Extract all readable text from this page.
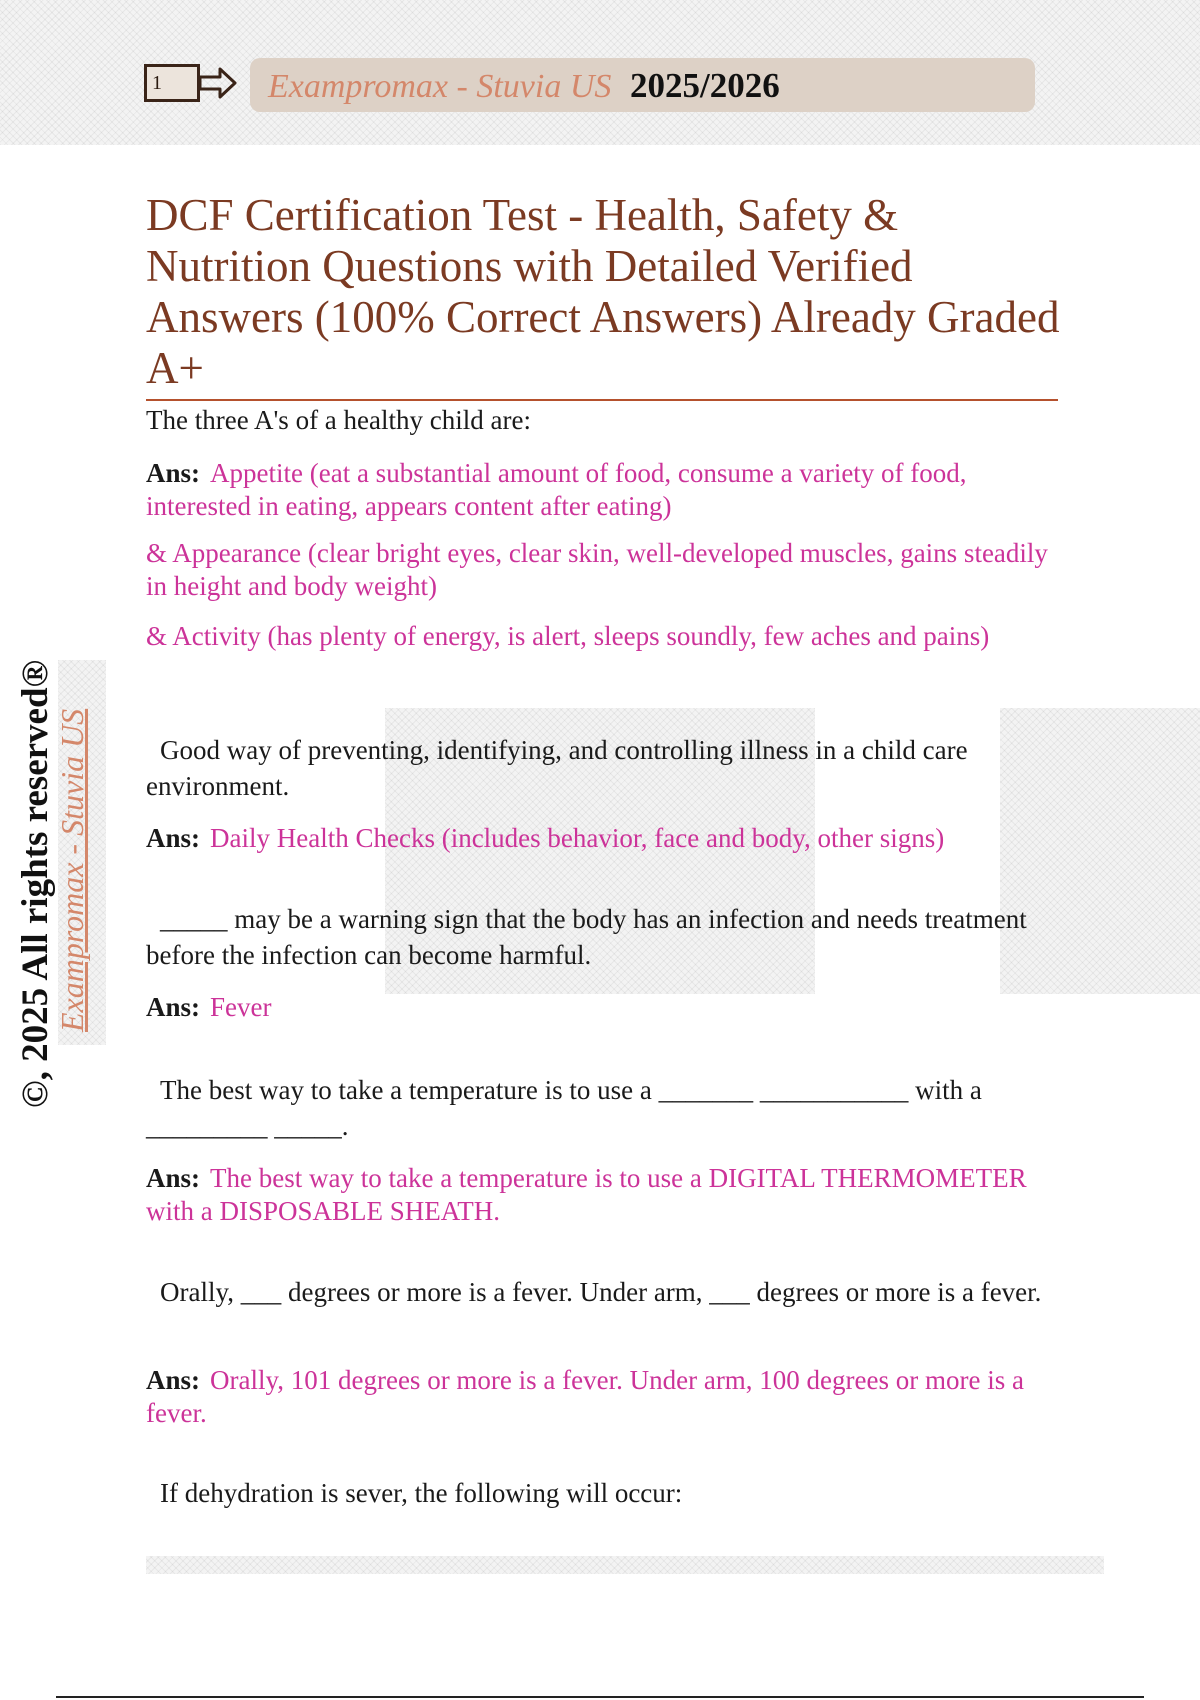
1	Exampromax - Stuvia US 2025/2026
Exampromax - Stuvia US
©, 2025 All rights reserved®
DCF Certification Test - Health, Safety & Nutrition Questions with Detailed Verified Answers (100% Correct Answers) Already Graded A+
The three A's of a healthy child are:
Ans: Appetite (eat a substantial amount of food, consume a variety of food, interested in eating, appears content after eating)
& Appearance (clear bright eyes, clear skin, well-developed muscles, gains steadily in height and body weight)
& Activity (has plenty of energy, is alert, sleeps soundly, few aches and pains)
Good way of preventing, identifying, and controlling illness in a child care environment.
Ans: Daily Health Checks (includes behavior, face and body, other signs)
_____ may be a warning sign that the body has an infection and needs treatment before the infection can become harmful.
Ans: Fever
The best way to take a temperature is to use a _______ ___________ with a _________ _____.
Ans: The best way to take a temperature is to use a DIGITAL THERMOMETER with a DISPOSABLE SHEATH.
Orally, ___ degrees or more is a fever. Under arm, ___ degrees or more is a fever.
Ans: Orally, 101 degrees or more is a fever. Under arm, 100 degrees or more is a fever.
If dehydration is sever, the following will occur:
